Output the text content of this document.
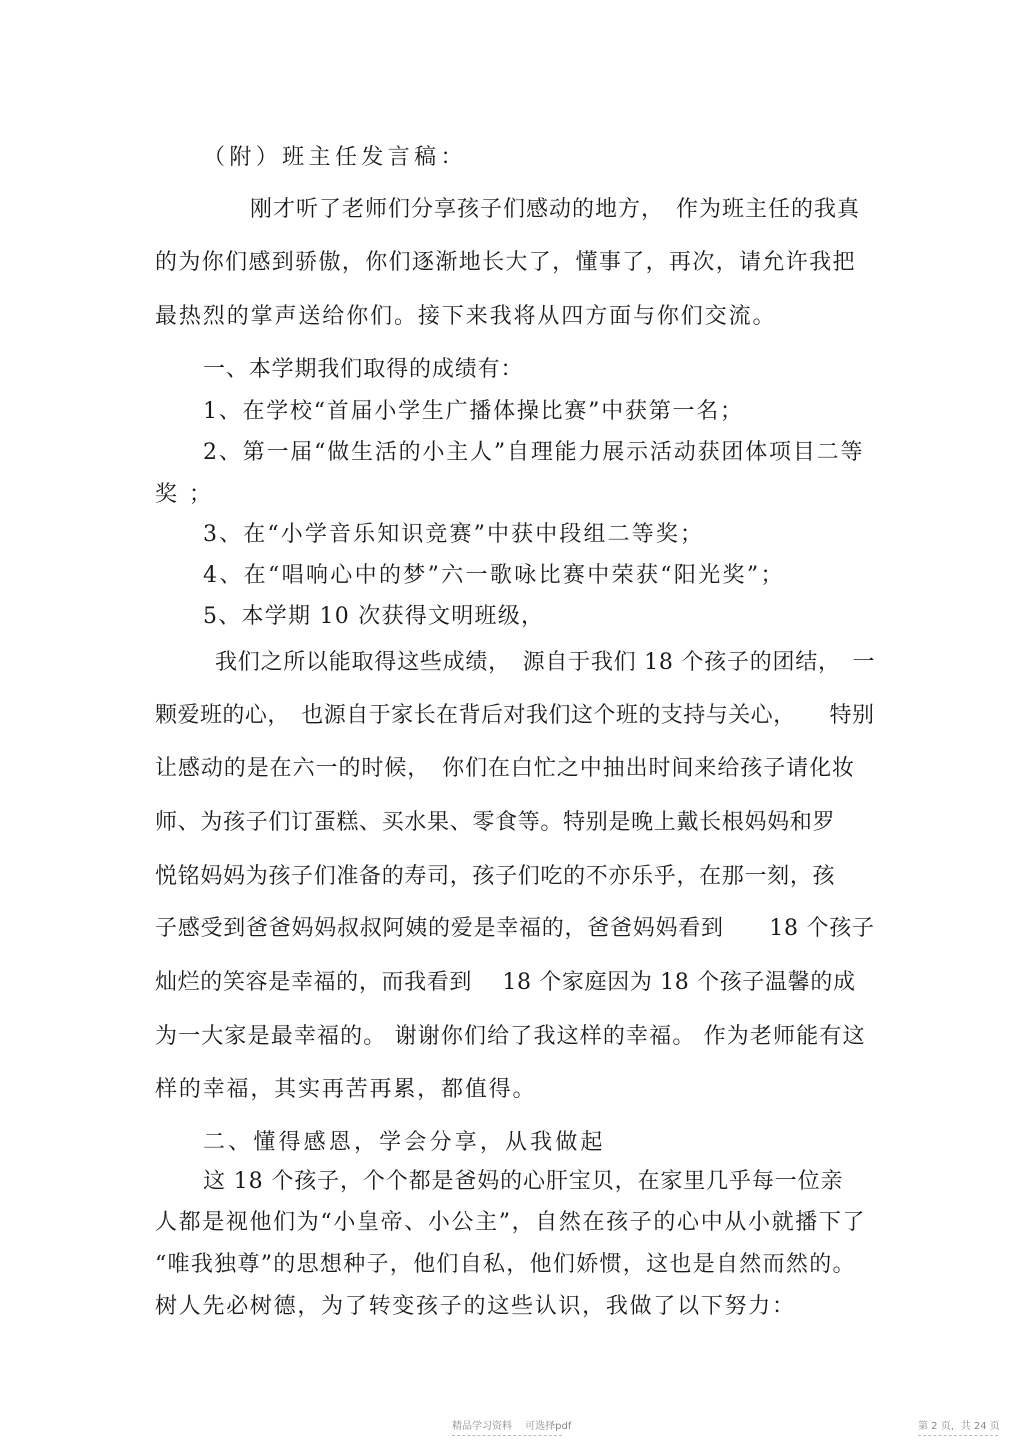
（附）班主任发言稿：
刚才听了老师们分享孩子们感动的地方，　作为班主任的我真
的为你们感到骄傲，你们逐渐地长大了，懂事了，再次，请允许我把
最热烈的掌声送给你们。接下来我将从四方面与你们交流。
一、本学期我们取得的成绩有：
1、在学校“首届小学生广播体操比赛”中获第一名；
2、第一届“做生活的小主人”自理能力展示活动获团体项目二等
奖；
3、在“小学音乐知识竞赛”中获中段组二等奖；
4、在“唱响心中的梦”六一歌咏比赛中荣获“阳光奖”；
5、本学期 10 次获得文明班级，
我们之所以能取得这些成绩，　源自于我们 18 个孩子的团结，　一
颗爱班的心，　也源自于家长在背后对我们这个班的支持与关心，　　特别
让感动的是在六一的时候，　你们在白忙之中抽出时间来给孩子请化妆
师、为孩子们订蛋糕、买水果、零食等。特别是晚上戴长根妈妈和罗
悦铭妈妈为孩子们准备的寿司，孩子们吃的不亦乐乎，在那一刻，孩
子感受到爸爸妈妈叔叔阿姨的爱是幸福的，爸爸妈妈看到　　18 个孩子
灿烂的笑容是幸福的，而我看到　 18 个家庭因为 18 个孩子温馨的成
为一大家是最幸福的。 谢谢你们给了我这样的幸福。 作为老师能有这
样的幸福，其实再苦再累，都值得。
二、懂得感恩，学会分享，从我做起
这 18 个孩子，个个都是爸妈的心肝宝贝，在家里几乎每一位亲
人都是视他们为“小皇帝、小公主”，自然在孩子的心中从小就播下了
“唯我独尊”的思想种子，他们自私，他们娇惯，这也是自然而然的。
树人先必树德，为了转变孩子的这些认识，我做了以下努力：
精品学习资料　 可选择pdf	第 2 页，共 24 页
